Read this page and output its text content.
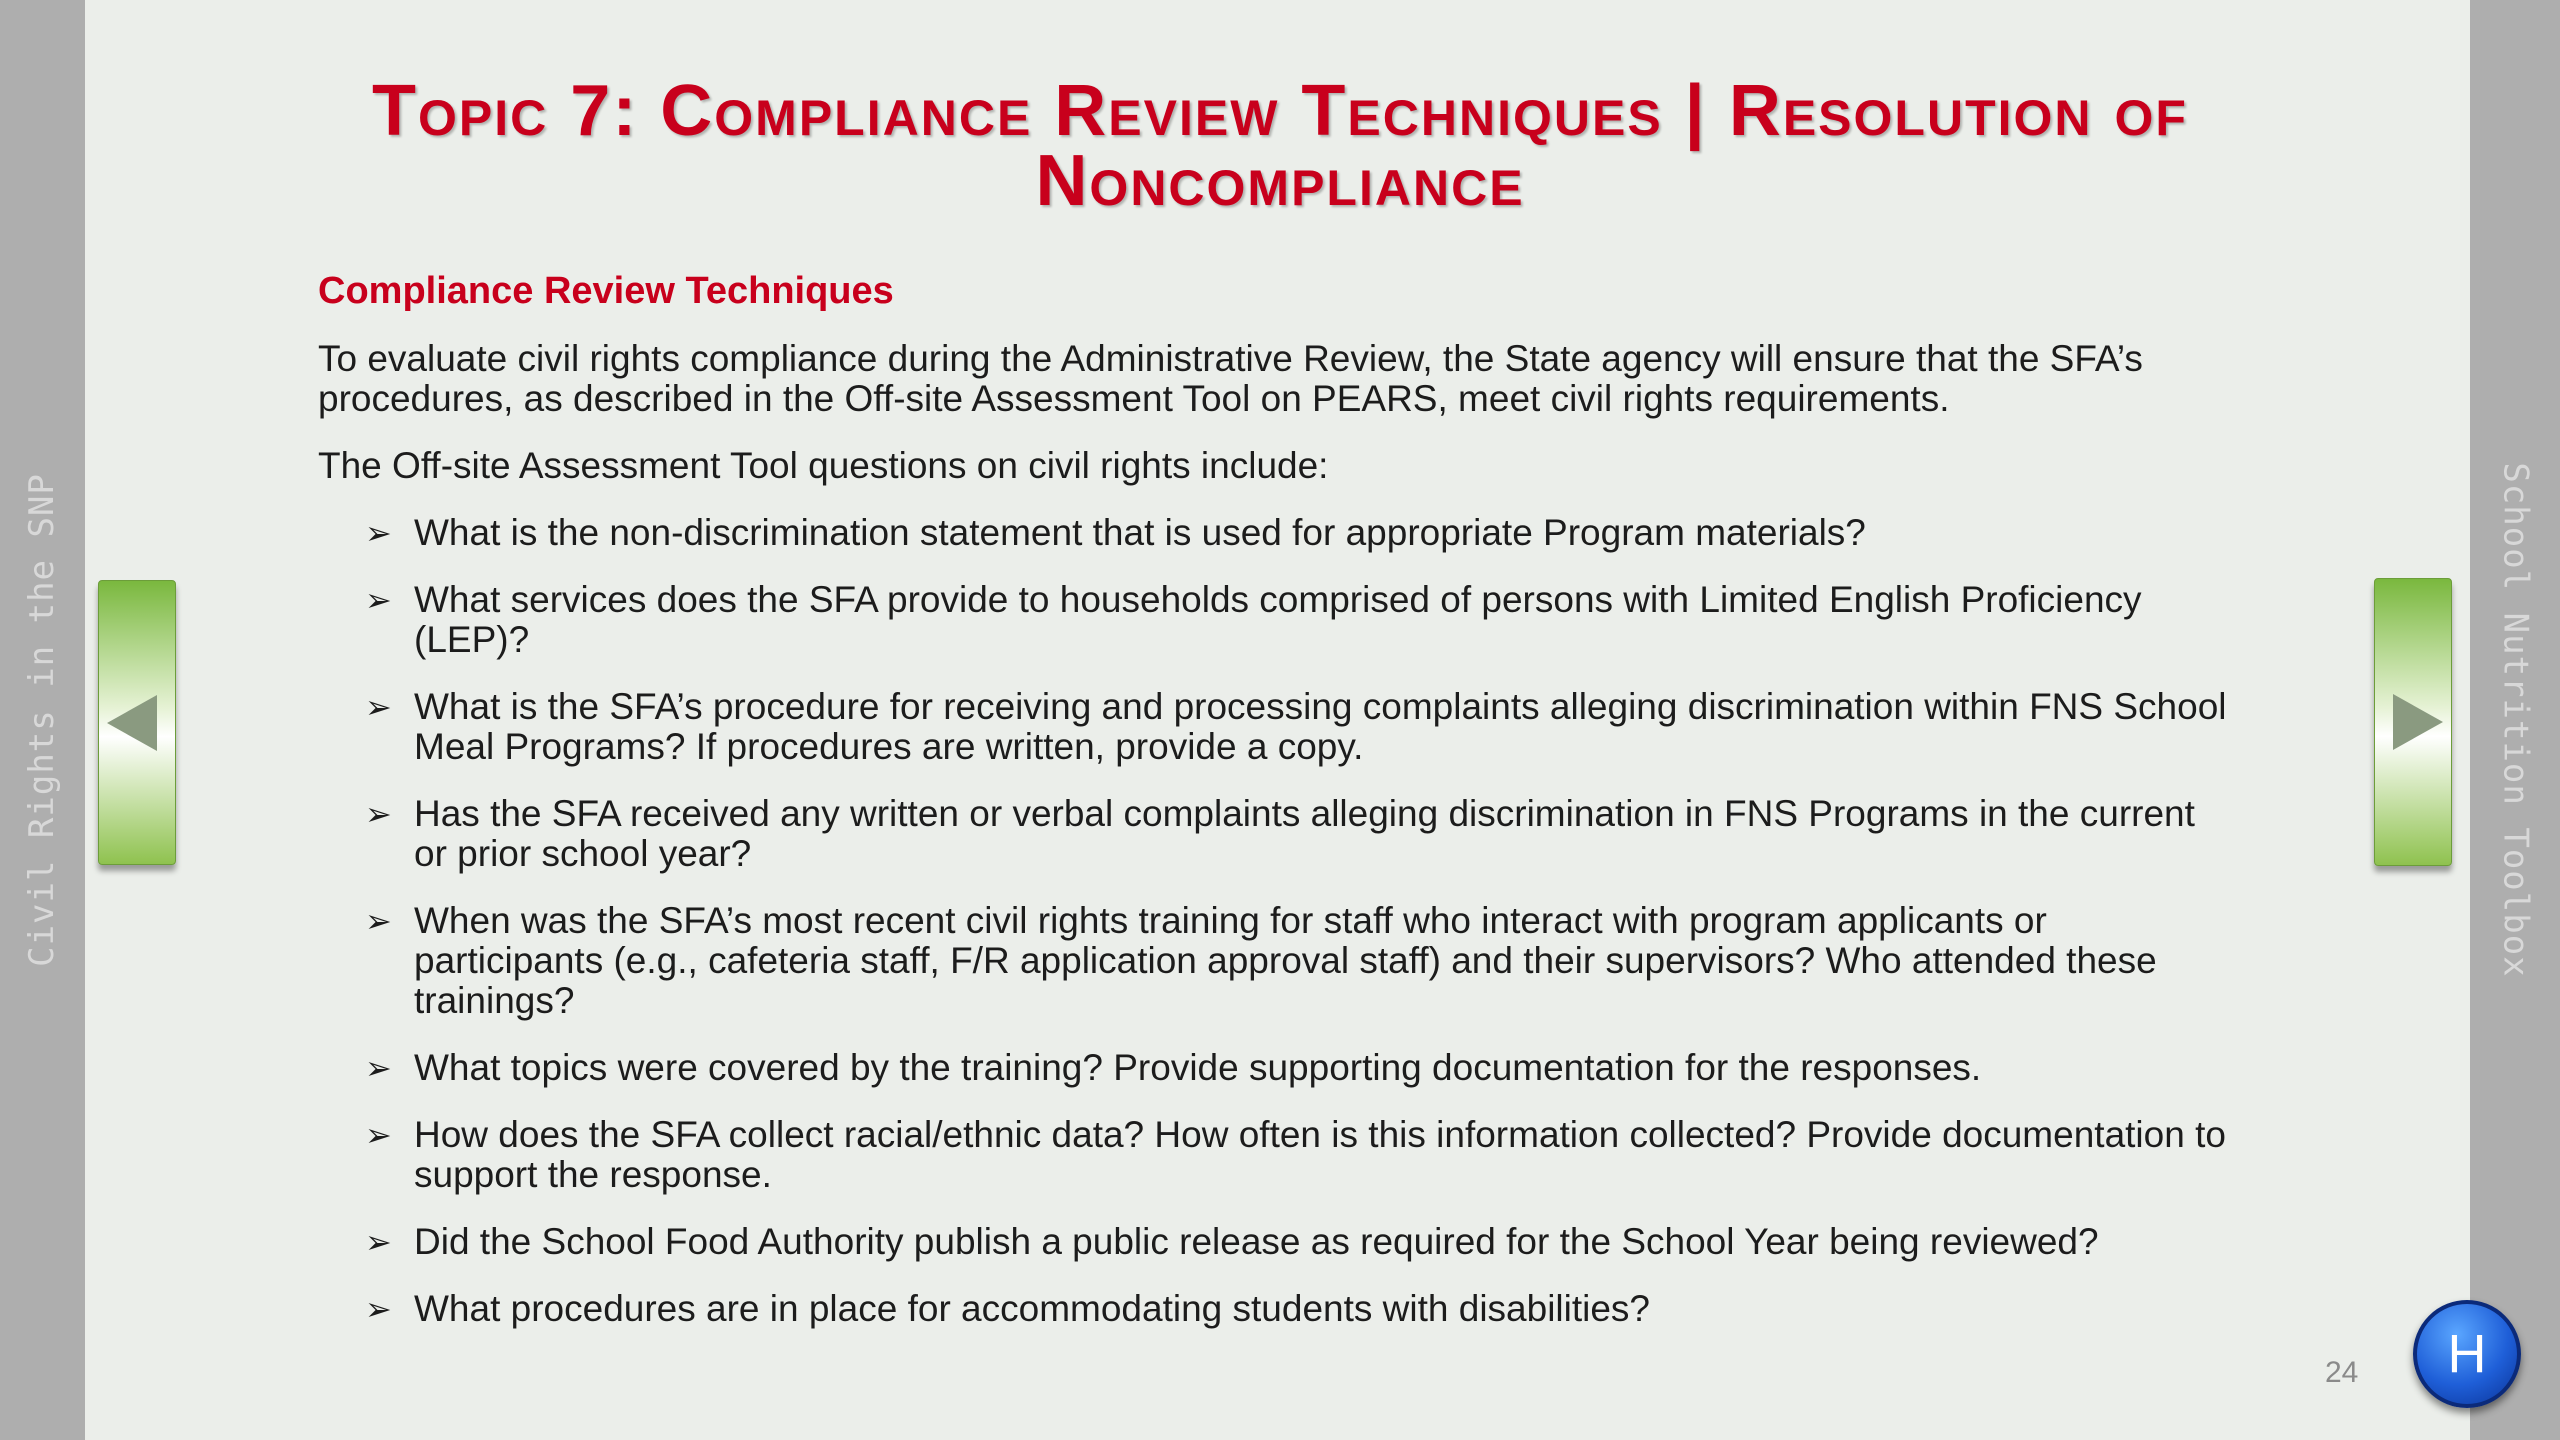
Civil Rights in the SNP	School Nutrition Toolbox
Topic 7: Compliance Review Techniques | Resolution of
Noncompliance
Compliance Review Techniques
To evaluate civil rights compliance during the Administrative Review, the State agency will ensure that the SFA’s
procedures, as described in the Off-site Assessment Tool on PEARS, meet civil rights requirements.
The Off-site Assessment Tool questions on civil rights include:
➢ What is the non-discrimination statement that is used for appropriate Program materials?
➢ What services does the SFA provide to households comprised of persons with Limited English Proficiency
(LEP)?
➢ What is the SFA’s procedure for receiving and processing complaints alleging discrimination within FNS School
Meal Programs? If procedures are written, provide a copy.
➢ Has the SFA received any written or verbal complaints alleging discrimination in FNS Programs in the current
or prior school year?
➢ When was the SFA’s most recent civil rights training for staff who interact with program applicants or
participants (e.g., cafeteria staff, F/R application approval staff) and their supervisors? Who attended these
trainings?
➢ What topics were covered by the training? Provide supporting documentation for the responses.
➢ How does the SFA collect racial/ethnic data? How often is this information collected? Provide documentation to
support the response.
➢ Did the School Food Authority publish a public release as required for the School Year being reviewed?
➢ What procedures are in place for accommodating students with disabilities?
24	H
